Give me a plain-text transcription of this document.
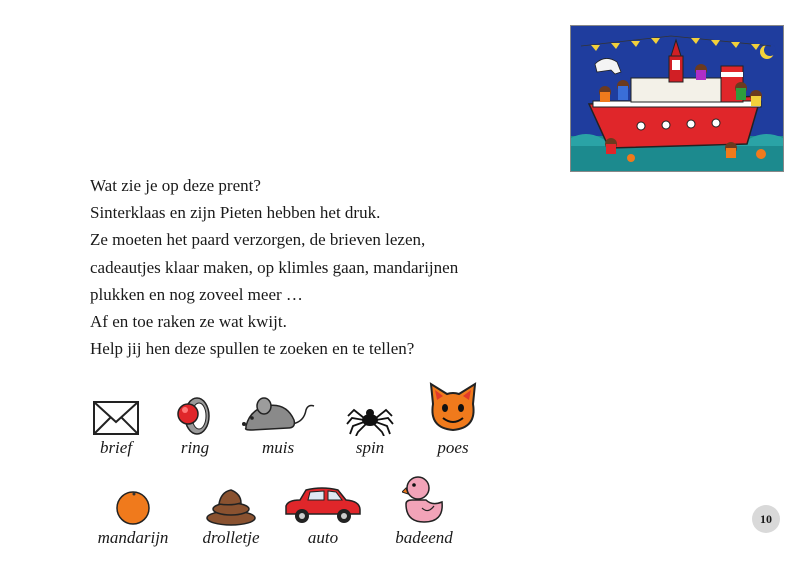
Wat zie je op deze prent?

Sinterklaas en zijn Pieten hebben het druk.

Ze moeten het paard verzorgen, de brieven lezen,

cadeautjes klaar maken, op klimles gaan, mandarijnen

plukken en nog zoveel meer …

Af en toe raken ze wat kwijt.

Help jij hen deze spullen te zoeken en te tellen?

brief	ring	muis	spin	poes
mandarijn	drolletje	auto	badeend
10
